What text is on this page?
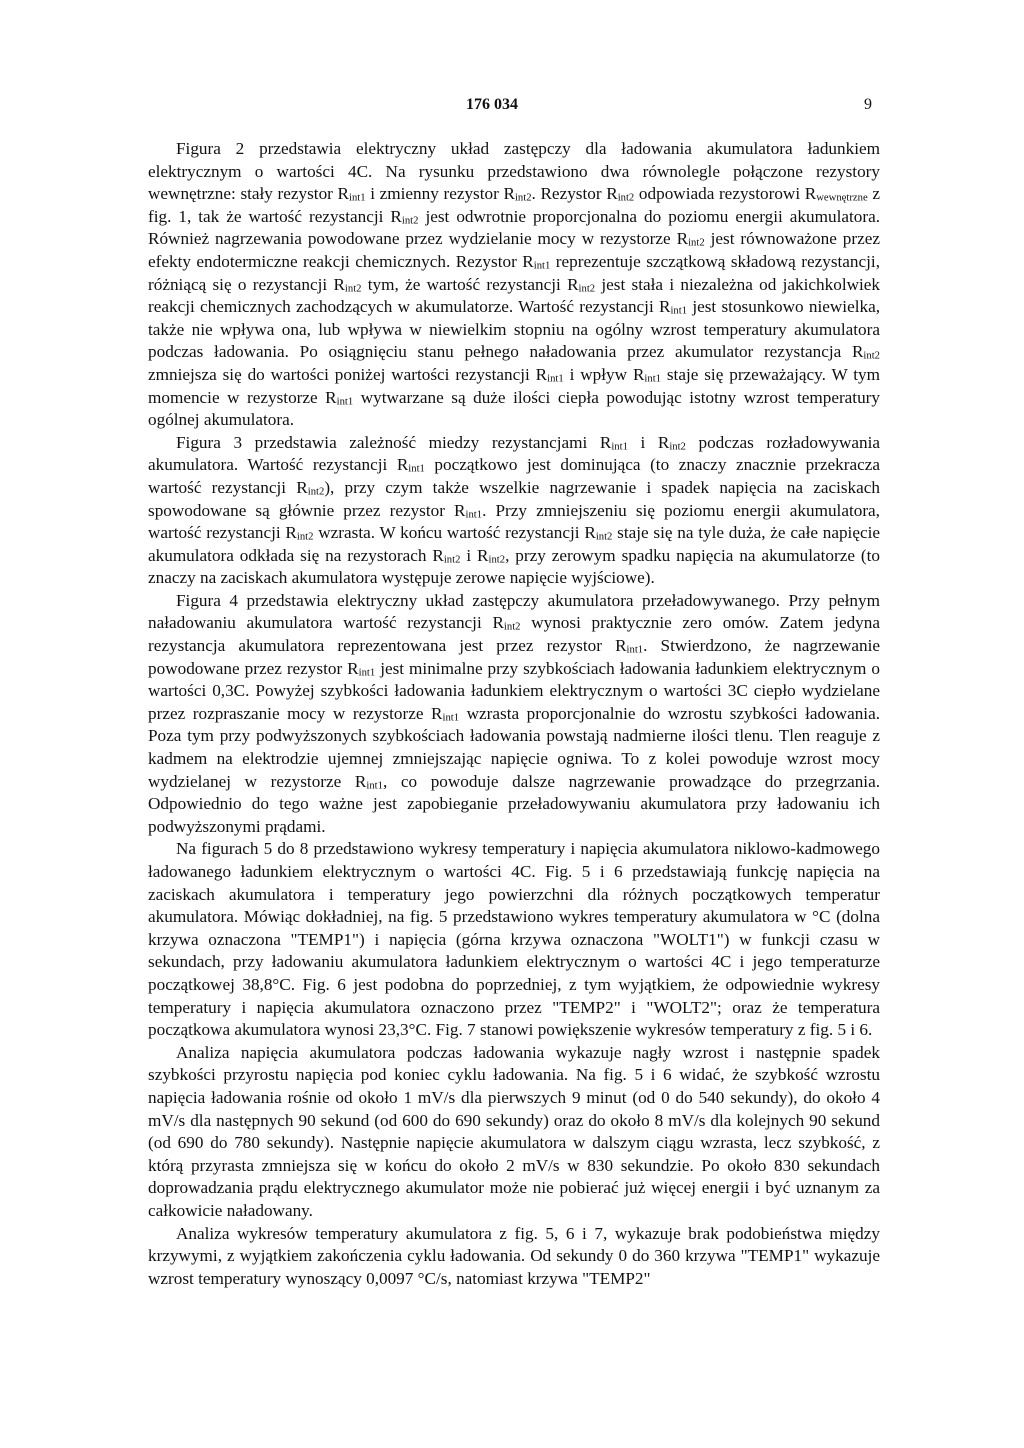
176 034	9

Figura 2 przedstawia elektryczny układ zastępczy dla ładowania akumulatora ładunkiem elektrycznym o wartości 4C. Na rysunku przedstawiono dwa równolegle połączone rezystory wewnętrzne: stały rezystor $R_{int1}$ i zmienny rezystor $R_{int2}$. Rezystor $R_{int2}$ odpowiada rezystorowi $R_{wewnętrzne}$ z fig. 1, tak że wartość rezystancji $R_{int2}$ jest odwrotnie proporcjonalna do poziomu energii akumulatora. Również nagrzewania powodowane przez wydzielanie mocy w rezystorze $R_{int2}$ jest równoważone przez efekty endotermiczne reakcji chemicznych. Rezystor $R_{int1}$ reprezentuje szczątkową składową rezystancji, różniącą się o rezystancji $R_{int2}$ tym, że wartość rezystancji $R_{int2}$ jest stała i niezależna od jakichkolwiek reakcji chemicznych zachodzących w akumulatorze. Wartość rezystancji $R_{int1}$ jest stosunkowo niewielka, także nie wpływa ona, lub wpływa w niewielkim stopniu na ogólny wzrost temperatury akumulatora podczas ładowania. Po osiągnięciu stanu pełnego naładowania przez akumulator rezystancja $R_{int2}$ zmniejsza się do wartości poniżej wartości rezystancji $R_{int1}$ i wpływ $R_{int1}$ staje się przeważający. W tym momencie w rezystorze $R_{int1}$ wytwarzane są duże ilości ciepła powodując istotny wzrost temperatury ogólnej akumulatora.

Figura 3 przedstawia zależność miedzy rezystancjami $R_{int1}$ i $R_{int2}$ podczas rozładowywania akumulatora. Wartość rezystancji $R_{int1}$ początkowo jest dominująca (to znaczy znacznie przekracza wartość rezystancji $R_{int2}$), przy czym także wszelkie nagrzewanie i spadek napięcia na zaciskach spowodowane są głównie przez rezystor $R_{int1}$. Przy zmniejszeniu się poziomu energii akumulatora, wartość rezystancji $R_{int2}$ wzrasta. W końcu wartość rezystancji $R_{int2}$ staje się na tyle duża, że całe napięcie akumulatora odkłada się na rezystorach $R_{int2}$ i $R_{int2}$, przy zerowym spadku napięcia na akumulatorze (to znaczy na zaciskach akumulatora występuje zerowe napięcie wyjściowe).

Figura 4 przedstawia elektryczny układ zastępczy akumulatora przeładowywanego. Przy pełnym naładowaniu akumulatora wartość rezystancji $R_{int2}$ wynosi praktycznie zero omów. Zatem jedyna rezystancja akumulatora reprezentowana jest przez rezystor $R_{int1}$. Stwierdzono, że nagrzewanie powodowane przez rezystor $R_{int1}$ jest minimalne przy szybkościach ładowania ładunkiem elektrycznym o wartości 0,3C. Powyżej szybkości ładowania ładunkiem elektrycznym o wartości 3C ciepło wydzielane przez rozpraszanie mocy w rezystorze $R_{int1}$ wzrasta proporcjonalnie do wzrostu szybkości ładowania. Poza tym przy podwyższonych szybkościach ładowania powstają nadmierne ilości tlenu. Tlen reaguje z kadmem na elektrodzie ujemnej zmniejszając napięcie ogniwa. To z kolei powoduje wzrost mocy wydzielanej w rezystorze $R_{int1}$, co powoduje dalsze nagrzewanie prowadzące do przegrzania. Odpowiednio do tego ważne jest zapobieganie przeładowywaniu akumulatora przy ładowaniu ich podwyższonymi prądami.

Na figurach 5 do 8 przedstawiono wykresy temperatury i napięcia akumulatora niklowo-kadmowego ładowanego ładunkiem elektrycznym o wartości 4C. Fig. 5 i 6 przedstawiają funkcję napięcia na zaciskach akumulatora i temperatury jego powierzchni dla różnych początkowych temperatur akumulatora. Mówiąc dokładniej, na fig. 5 przedstawiono wykres temperatury akumulatora w °C (dolna krzywa oznaczona "TEMP1") i napięcia (górna krzywa oznaczona "WOLT1") w funkcji czasu w sekundach, przy ładowaniu akumulatora ładunkiem elektrycznym o wartości 4C i jego temperaturze początkowej 38,8°C. Fig. 6 jest podobna do poprzedniej, z tym wyjątkiem, że odpowiednie wykresy temperatury i napięcia akumulatora oznaczono przez "TEMP2" i "WOLT2"; oraz że temperatura początkowa akumulatora wynosi 23,3°C. Fig. 7 stanowi powiększenie wykresów temperatury z fig. 5 i 6.

Analiza napięcia akumulatora podczas ładowania wykazuje nagły wzrost i następnie spadek szybkości przyrostu napięcia pod koniec cyklu ładowania. Na fig. 5 i 6 widać, że szybkość wzrostu napięcia ładowania rośnie od około 1 mV/s dla pierwszych 9 minut (od 0 do 540 sekundy), do około 4 mV/s dla następnych 90 sekund (od 600 do 690 sekundy) oraz do około 8 mV/s dla kolejnych 90 sekund (od 690 do 780 sekundy). Następnie napięcie akumulatora w dalszym ciągu wzrasta, lecz szybkość, z którą przyrasta zmniejsza się w końcu do około 2 mV/s w 830 sekundzie. Po około 830 sekundach doprowadzania prądu elektrycznego akumulator może nie pobierać już więcej energii i być uznanym za całkowicie naładowany.

Analiza wykresów temperatury akumulatora z fig. 5, 6 i 7, wykazuje brak podobieństwa między krzywymi, z wyjątkiem zakończenia cyklu ładowania. Od sekundy 0 do 360 krzywa "TEMP1" wykazuje wzrost temperatury wynoszący 0,0097 °C/s, natomiast krzywa "TEMP2"
